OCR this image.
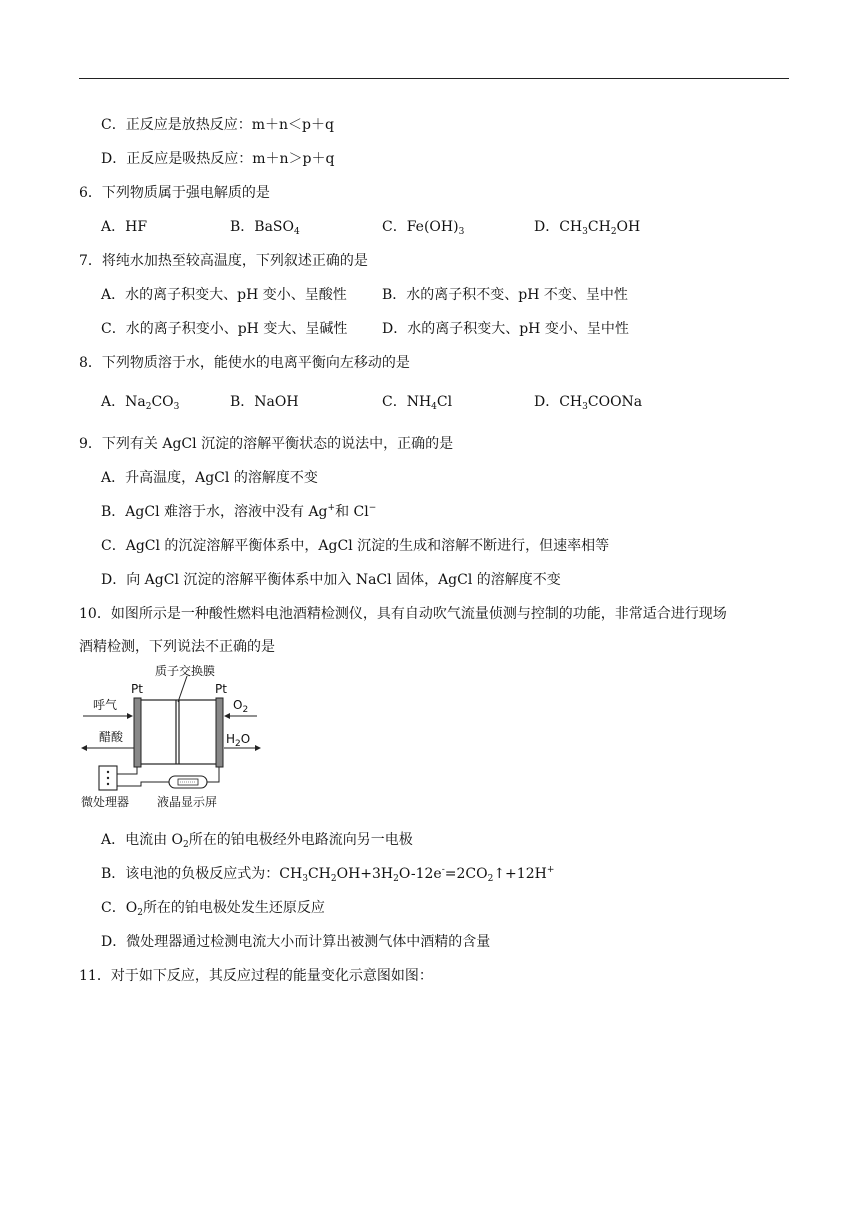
C．正反应是放热反应：m＋n＜p＋q
D．正反应是吸热反应：m＋n＞p＋q
6．下列物质属于强电解质的是
A．HF	B．BaSO$_4$	C．$Fe(OH)_3$	D．$CH_3CH_2OH$
7．将纯水加热至较高温度，下列叙述正确的是
A．水的离子积变大、pH 变小、呈酸性	B．水的离子积不变、pH 不变、呈中性
C．水的离子积变小、pH 变大、呈碱性 D．水的离子积变大、pH 变小、呈中性
8．下列物质溶于水，能使水的电离平衡向左移动的是
A．$Na_2CO_3$	B．NaOH	C．$NH_4Cl$	D．$CH_3COONa$
9．下列有关 AgCl 沉淀的溶解平衡状态的说法中，正确的是
A．升高温度，AgCl 的溶解度不变
B．AgCl 难溶于水，溶液中没有 Ag+和 Cl−
C．AgCl 的沉淀溶解平衡体系中，AgCl 沉淀的生成和溶解不断进行，但速率相等
D．向 AgCl 沉淀的溶解平衡体系中加入 NaCl 固体，AgCl 的溶解度不变
10．如图所示是一种酸性燃料电池酒精检测仪，具有自动吹气流量侦测与控制的功能，非常适合进行现场
酒精检测，下列说法不正确的是
质子交换膜
Pt	Pt
呼气	$O_2$
醋酸	$H_2O$
微处理器 液晶显示屏
A．电流由 $O_2$所在的铂电极经外电路流向另一电极
B．该电池的负极反应式为：$CH_3CH_2OH+3H_2O-12e^-=2CO_2↑+12H^+$
C．$O_2$所在的铂电极处发生还原反应
D．微处理器通过检测电流大小而计算出被测气体中酒精的含量
11．对于如下反应，其反应过程的能量变化示意图如图：
